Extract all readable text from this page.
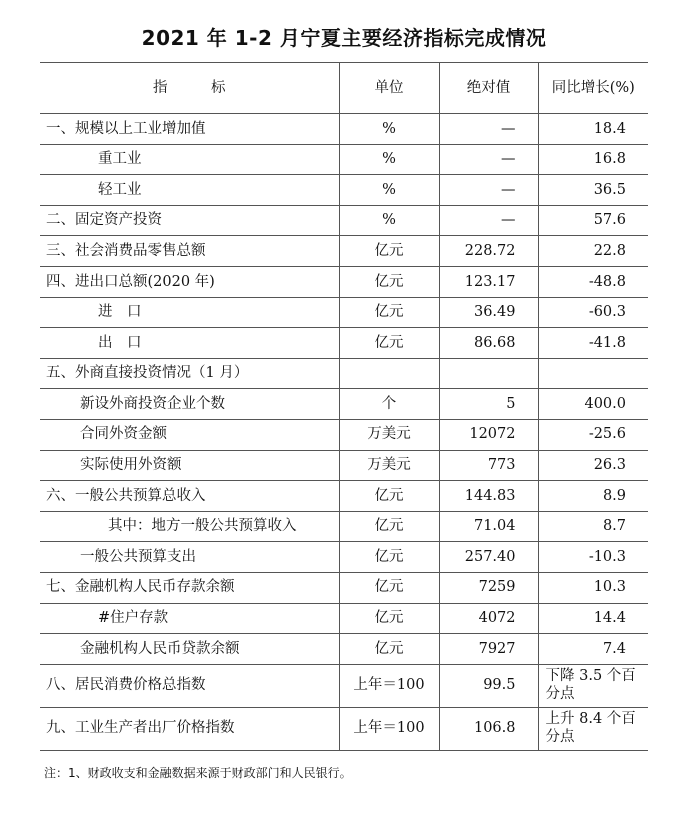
2021 年 1-2 月宁夏主要经济指标完成情况
指　　　标	单位	绝对值	同比增长(%)
一、规模以上工业增加值	%	—	18.4
重工业	%	—	16.8
轻工业	%	—	36.5
二、固定资产投资	%	—	57.6
三、社会消费品零售总额	亿元	228.72	22.8
四、进出口总额(2020 年)	亿元	123.17	-48.8
进　口	亿元	36.49	-60.3
出　口	亿元	86.68	-41.8
五、外商直接投资情况（1 月）			
新设外商投资企业个数	个	5	400.0
合同外资金额	万美元	12072	-25.6
实际使用外资额	万美元	773	26.3
六、一般公共预算总收入	亿元	144.83	8.9
其中：地方一般公共预算收入	亿元	71.04	8.7
一般公共预算支出	亿元	257.40	-10.3
七、金融机构人民币存款余额	亿元	7259	10.3
#住户存款	亿元	4072	14.4
金融机构人民币贷款余额	亿元	7927	7.4
八、居民消费价格总指数	上年＝100	99.5	下降 3.5 个百分点
九、工业生产者出厂价格指数	上年＝100	106.8	上升 8.4 个百分点
注：1、财政收支和金融数据来源于财政部门和人民银行。
